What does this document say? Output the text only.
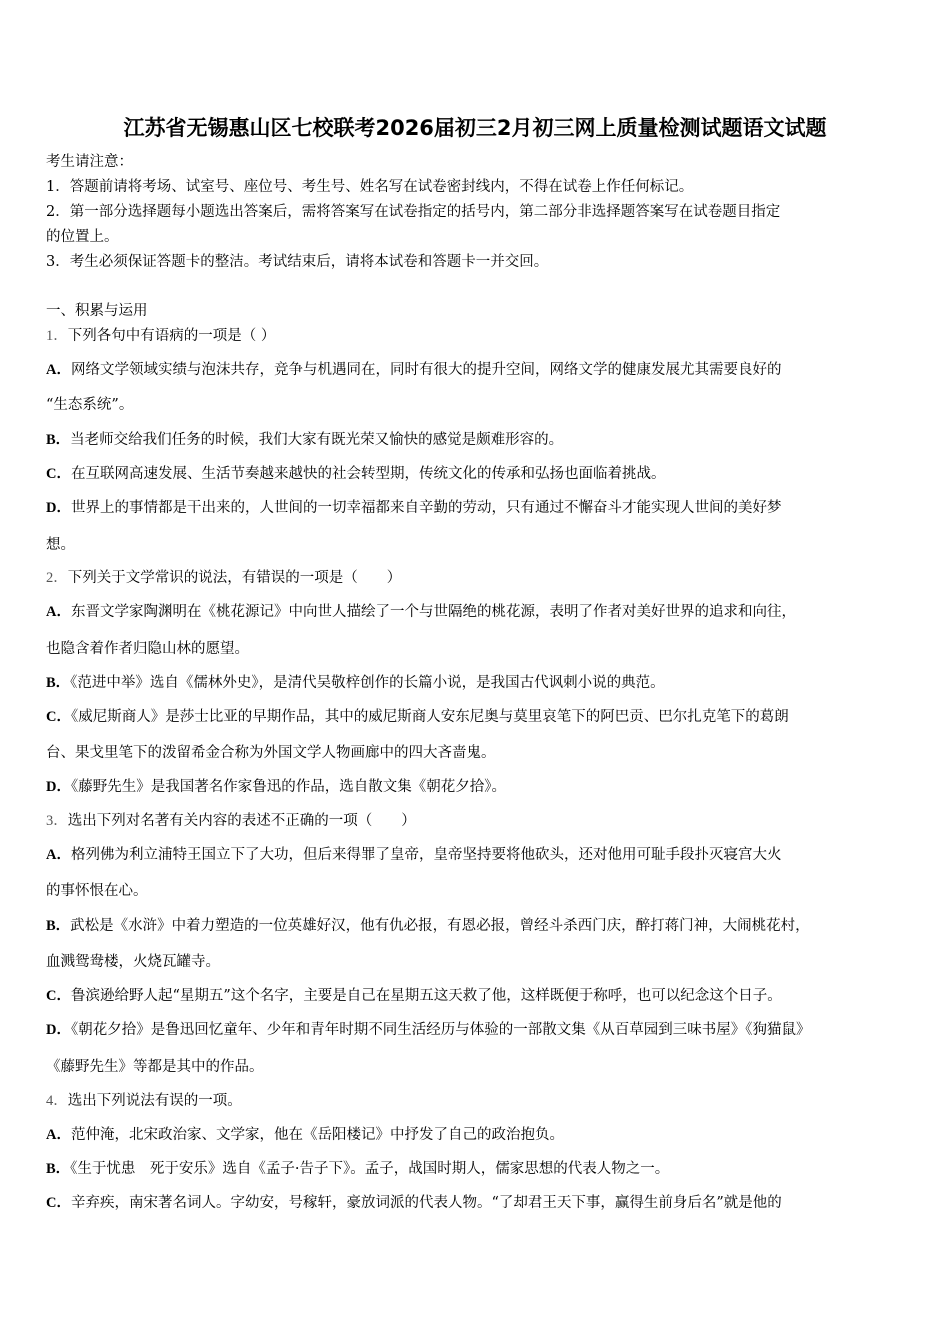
江苏省无锡惠山区七校联考2026届初三2月初三网上质量检测试题语文试题
考生请注意：
1．答题前请将考场、试室号、座位号、考生号、姓名写在试卷密封线内，不得在试卷上作任何标记。
2．第一部分选择题每小题选出答案后，需将答案写在试卷指定的括号内，第二部分非选择题答案写在试卷题目指定
的位置上。
3．考生必须保证答题卡的整洁。考试结束后，请将本试卷和答题卡一并交回。
一、积累与运用
1．下列各句中有语病的一项是（ ）
A．网络文学领域实绩与泡沫共存，竞争与机遇同在，同时有很大的提升空间，网络文学的健康发展尤其需要良好的
“生态系统”。
B．当老师交给我们任务的时候，我们大家有既光荣又愉快的感觉是颇难形容的。
C．在互联网高速发展、生活节奏越来越快的社会转型期，传统文化的传承和弘扬也面临着挑战。
D．世界上的事情都是干出来的，人世间的一切幸福都来自辛勤的劳动，只有通过不懈奋斗才能实现人世间的美好梦
想。
2．下列关于文学常识的说法，有错误的一项是（　　）
A．东晋文学家陶渊明在《桃花源记》中向世人描绘了一个与世隔绝的桃花源，表明了作者对美好世界的追求和向往，
也隐含着作者归隐山林的愿望。
B．《范进中举》选自《儒林外史》，是清代吴敬梓创作的长篇小说，是我国古代讽刺小说的典范。
C．《威尼斯商人》是莎士比亚的早期作品，其中的威尼斯商人安东尼奥与莫里哀笔下的阿巴贡、巴尔扎克笔下的葛朗
台、果戈里笔下的泼留希金合称为外国文学人物画廊中的四大吝啬鬼。
D．《藤野先生》是我国著名作家鲁迅的作品，选自散文集《朝花夕拾》。
3．选出下列对名著有关内容的表述不正确的一项（　　）
A．格列佛为利立浦特王国立下了大功，但后来得罪了皇帝，皇帝坚持要将他砍头，还对他用可耻手段扑灭寝宫大火
的事怀恨在心。
B．武松是《水浒》中着力塑造的一位英雄好汉，他有仇必报，有恩必报，曾经斗杀西门庆，醉打蒋门神，大闹桃花村，
血溅鸳鸯楼，火烧瓦罐寺。
C．鲁滨逊给野人起“星期五”这个名字，主要是自己在星期五这天救了他，这样既便于称呼，也可以纪念这个日子。
D．《朝花夕拾》是鲁迅回忆童年、少年和青年时期不同生活经历与体验的一部散文集《从百草园到三味书屋》《狗猫鼠》
《藤野先生》等都是其中的作品。
4．选出下列说法有误的一项。
A．范仲淹，北宋政治家、文学家，他在《岳阳楼记》中抒发了自己的政治抱负。
B．《生于忧患　死于安乐》选自《孟子·告子下》。孟子，战国时期人，儒家思想的代表人物之一。
C．辛弃疾，南宋著名词人。字幼安，号稼轩，豪放词派的代表人物。“了却君王天下事，赢得生前身后名”就是他的
